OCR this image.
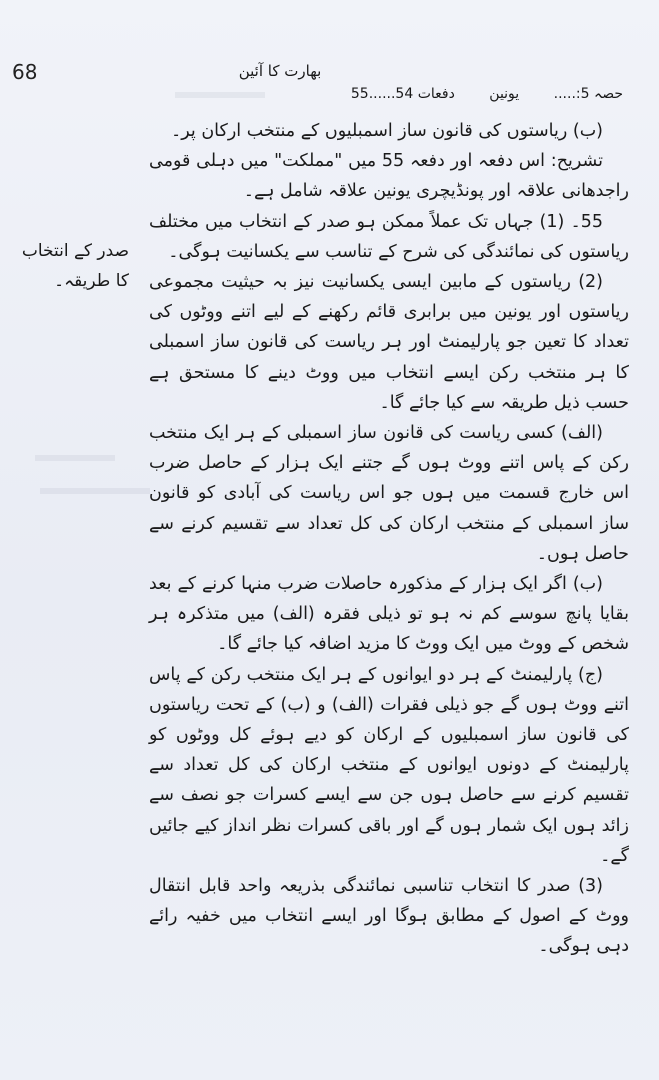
68	بھارت کا آئین
حصہ 5:..... یونین دفعات 54......55
صدر کے انتخاب کا طریقہ۔

(ب) ریاستوں کی قانون ساز اسمبلیوں کے منتخب ارکان پر۔

تشریح: اس دفعہ اور دفعہ 55 میں "مملکت" میں دہلی قومی راجدھانی علاقہ اور پونڈیچری یونین علاقہ شامل ہے۔

55۔ (1) جہاں تک عملاً ممکن ہو صدر کے انتخاب میں مختلف ریاستوں کی نمائندگی کی شرح کے تناسب سے یکسانیت ہوگی۔

(2) ریاستوں کے مابین ایسی یکسانیت نیز بہ حیثیت مجموعی ریاستوں اور یونین میں برابری قائم رکھنے کے لیے اتنے ووٹوں کی تعداد کا تعین جو پارلیمنٹ اور ہر ریاست کی قانون ساز اسمبلی کا ہر منتخب رکن ایسے انتخاب میں ووٹ دینے کا مستحق ہے حسب ذیل طریقہ سے کیا جائے گا۔

(الف) کسی ریاست کی قانون ساز اسمبلی کے ہر ایک منتخب رکن کے پاس اتنے ووٹ ہوں گے جتنے ایک ہزار کے حاصل ضرب اس خارج قسمت میں ہوں جو اس ریاست کی آبادی کو قانون ساز اسمبلی کے منتخب ارکان کی کل تعداد سے تقسیم کرنے سے حاصل ہوں۔

(ب) اگر ایک ہزار کے مذکورہ حاصلات ضرب منہا کرنے کے بعد بقایا پانچ سوسے کم نہ ہو تو ذیلی فقرہ (الف) میں متذکرہ ہر شخص کے ووٹ میں ایک ووٹ کا مزید اضافہ کیا جائے گا۔

(ج) پارلیمنٹ کے ہر دو ایوانوں کے ہر ایک منتخب رکن کے پاس اتنے ووٹ ہوں گے جو ذیلی فقرات (الف) و (ب) کے تحت ریاستوں کی قانون ساز اسمبلیوں کے ارکان کو دیے ہوئے کل ووٹوں کو پارلیمنٹ کے دونوں ایوانوں کے منتخب ارکان کی کل تعداد سے تقسیم کرنے سے حاصل ہوں جن سے ایسے کسرات جو نصف سے زائد ہوں ایک شمار ہوں گے اور باقی کسرات نظر انداز کیے جائیں گے۔

(3) صدر کا انتخاب تناسبی نمائندگی بذریعہ واحد قابل انتقال ووٹ کے اصول کے مطابق ہوگا اور ایسے انتخاب میں خفیہ رائے دہی ہوگی۔
